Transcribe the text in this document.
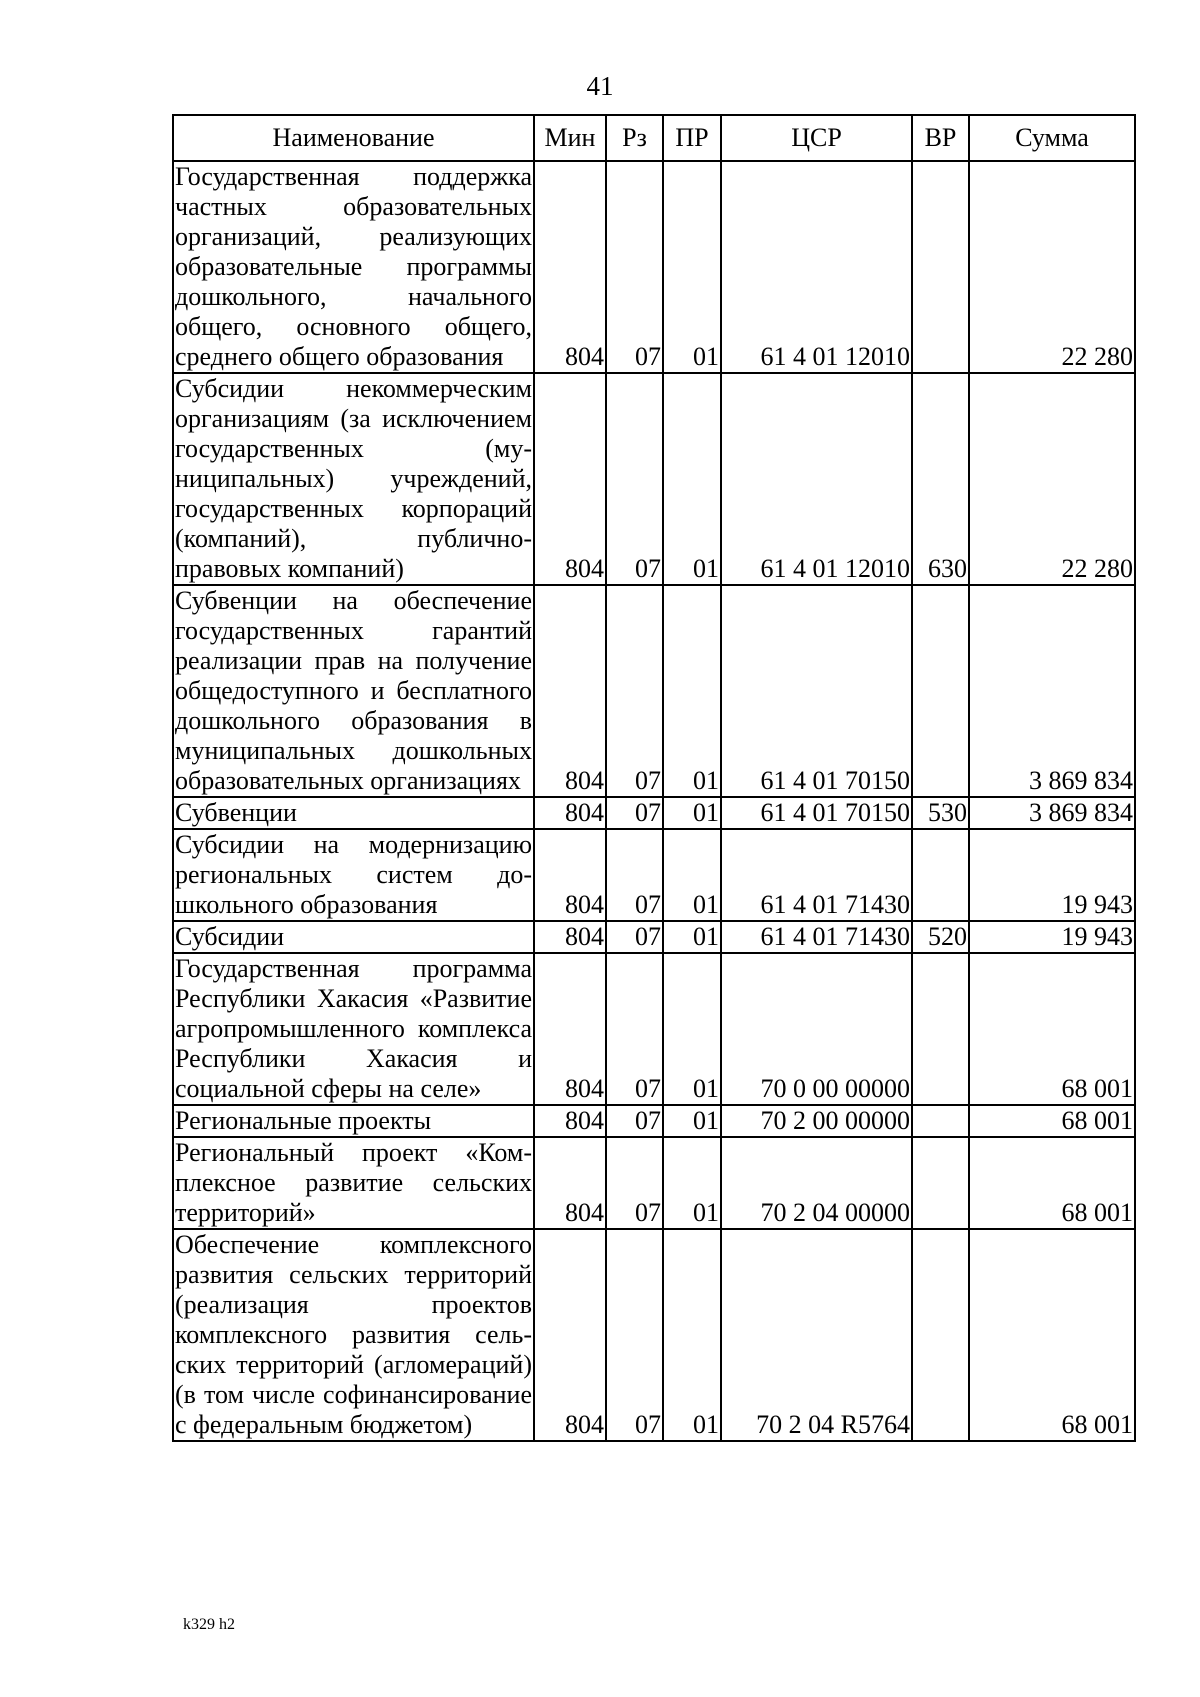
41
Наименование	Мин	Рз	ПР	ЦСР	ВР	Сумма
Государственная поддержка частных образовательных организаций, реализующих образовательные программы дошкольного, начального общего, основного общего, среднего общего образования	804	07	01	61 4 01 12010		22 280
Субсидии некоммерческим организациям (за исключением государственных (муниципальных) учреждений, государственных корпораций (компаний), публично-правовых компаний)	804	07	01	61 4 01 12010	630	22 280
Субвенции на обеспечение государственных гарантий реализации прав на получение общедоступного и бесплатного дошкольного образования в муниципальных дошкольных образовательных организациях	804	07	01	61 4 01 70150		3 869 834
Субвенции	804	07	01	61 4 01 70150	530	3 869 834
Субсидии на модернизацию региональных систем дошкольного образования	804	07	01	61 4 01 71430		19 943
Субсидии	804	07	01	61 4 01 71430	520	19 943
Государственная программа Республики Хакасия «Развитие агропромышленного комплекса Республики Хакасия и социальной сферы на селе»	804	07	01	70 0 00 00000		68 001
Региональные проекты	804	07	01	70 2 00 00000		68 001
Региональный проект «Комплексное развитие сельских территорий»	804	07	01	70 2 04 00000		68 001
Обеспечение комплексного развития сельских территорий (реализация проектов комплексного развития сельских территорий (агломераций) (в том числе софинансирование с федеральным бюджетом)	804	07	01	70 2 04 R5764		68 001
k329 h2
